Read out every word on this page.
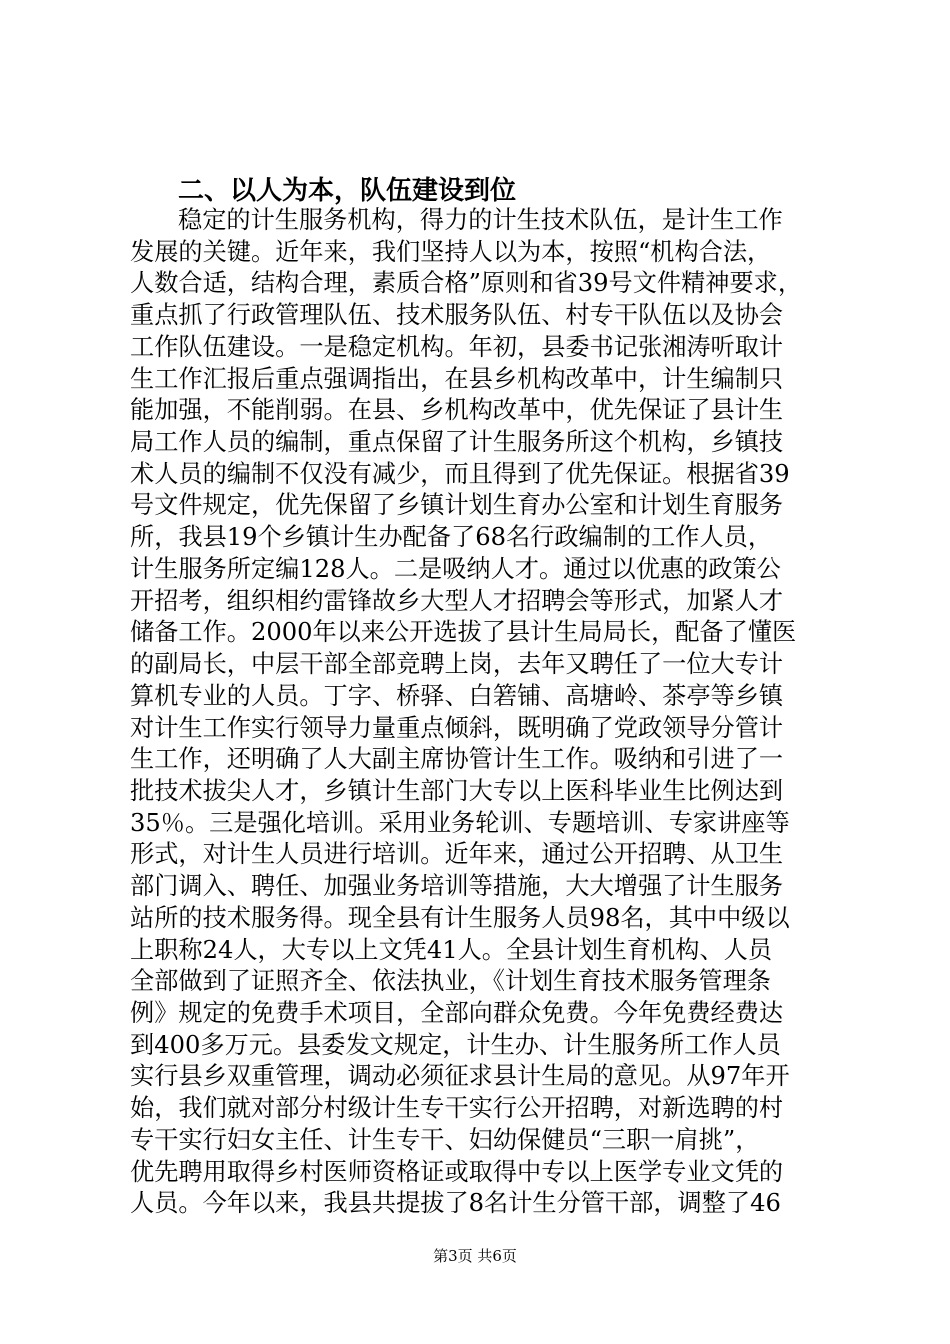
二、以人为本，队伍建设到位
稳定的计生服务机构，得力的计生技术队伍，是计生工作
发展的关键。近年来，我们坚持人以为本，按照“机构合法，
人数合适，结构合理，素质合格”原则和省39号文件精神要求，
重点抓了行政管理队伍、技术服务队伍、村专干队伍以及协会
工作队伍建设。一是稳定机构。年初，县委书记张湘涛听取计
生工作汇报后重点强调指出，在县乡机构改革中，计生编制只
能加强，不能削弱。在县、乡机构改革中，优先保证了县计生
局工作人员的编制，重点保留了计生服务所这个机构，乡镇技
术人员的编制不仅没有减少，而且得到了优先保证。根据省39
号文件规定，优先保留了乡镇计划生育办公室和计划生育服务
所，我县19个乡镇计生办配备了68名行政编制的工作人员，
计生服务所定编128人。二是吸纳人才。通过以优惠的政策公
开招考，组织相约雷锋故乡大型人才招聘会等形式，加紧人才
储备工作。2000年以来公开选拔了县计生局局长，配备了懂医
的副局长，中层干部全部竞聘上岗，去年又聘任了一位大专计
算机专业的人员。丁字、桥驿、白箬铺、高塘岭、茶亭等乡镇
对计生工作实行领导力量重点倾斜，既明确了党政领导分管计
生工作，还明确了人大副主席协管计生工作。吸纳和引进了一
批技术拔尖人才，乡镇计生部门大专以上医科毕业生比例达到
35％。三是强化培训。采用业务轮训、专题培训、专家讲座等
形式，对计生人员进行培训。近年来，通过公开招聘、从卫生
部门调入、聘任、加强业务培训等措施，大大增强了计生服务
站所的技术服务得。现全县有计生服务人员98名，其中中级以
上职称24人，大专以上文凭41人。全县计划生育机构、人员
全部做到了证照齐全、依法执业，《计划生育技术服务管理条
例》规定的免费手术项目，全部向群众免费。今年免费经费达
到400多万元。县委发文规定，计生办、计生服务所工作人员
实行县乡双重管理，调动必须征求县计生局的意见。从97年开
始，我们就对部分村级计生专干实行公开招聘，对新选聘的村
专干实行妇女主任、计生专干、妇幼保健员“三职一肩挑”，
优先聘用取得乡村医师资格证或取得中专以上医学专业文凭的
人员。今年以来，我县共提拔了8名计生分管干部，调整了46
第3页 共6页
